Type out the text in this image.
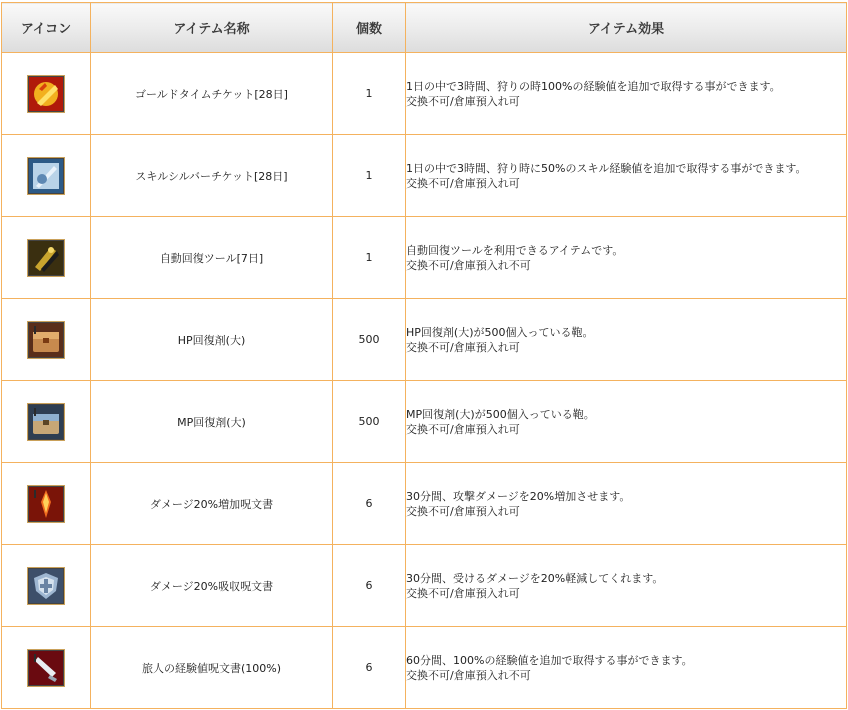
アイコン	アイテム名称	個数	アイテム効果

	ゴールドタイムチケット[28日]	1	1日の中で3時間、狩りの時100%の経験値を追加で取得する事ができます。
交換不可/倉庫預入れ可

	スキルシルバーチケット[28日]	1	1日の中で3時間、狩り時に50%のスキル経験値を追加で取得する事ができます。
交換不可/倉庫預入れ可

	自動回復ツール[7日]	1	自動回復ツールを利用できるアイテムです。
交換不可/倉庫預入れ不可

	HP回復剤(大)	500	HP回復剤(大)が500個入っている鞄。
交換不可/倉庫預入れ可

	MP回復剤(大)	500	MP回復剤(大)が500個入っている鞄。
交換不可/倉庫預入れ可

	ダメージ20%増加呪文書	6	30分間、攻撃ダメージを20%増加させます。
交換不可/倉庫預入れ可

	ダメージ20%吸収呪文書	6	30分間、受けるダメージを20%軽減してくれます。
交換不可/倉庫預入れ可

	旅人の経験値呪文書(100%)	6	60分間、100%の経験値を追加で取得する事ができます。
交換不可/倉庫預入れ不可
